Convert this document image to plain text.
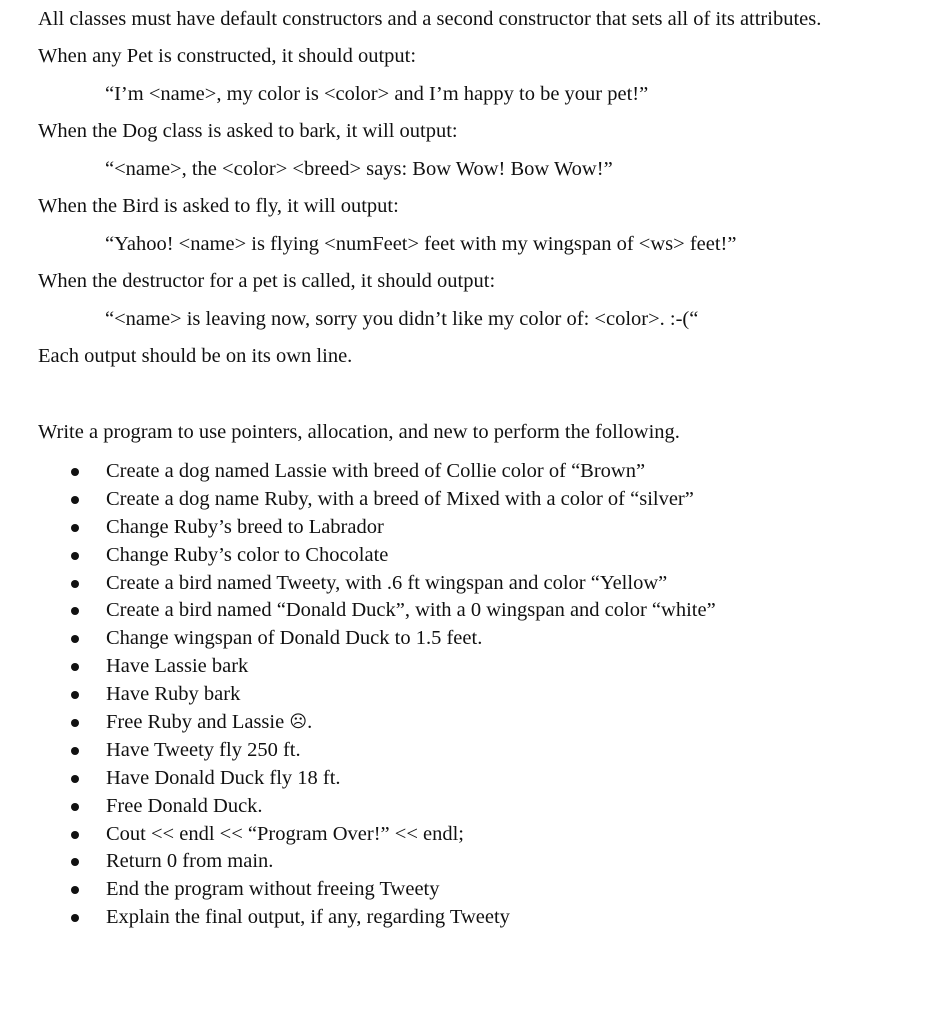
All classes must have default constructors and a second constructor that sets all of its attributes.
When any Pet is constructed, it should output:
“I’m <name>, my color is <color> and I’m happy to be your pet!”
When the Dog class is asked to bark, it will output:
“<name>, the <color> <breed> says: Bow Wow! Bow Wow!”
When the Bird is asked to fly, it will output:
“Yahoo! <name> is flying <numFeet> feet with my wingspan of <ws> feet!”
When the destructor for a pet is called, it should output:
“<name> is leaving now, sorry you didn’t like my color of: <color>. :-(“
Each output should be on its own line.
Write a program to use pointers, allocation, and new to perform the following.
Create a dog named Lassie with breed of Collie color of “Brown”
Create a dog name Ruby, with a breed of Mixed with a color of “silver”
Change Ruby’s breed to Labrador
Change Ruby’s color to Chocolate
Create a bird named Tweety, with .6 ft wingspan and color “Yellow”
Create a bird named “Donald Duck”, with a 0 wingspan and color “white”
Change wingspan of Donald Duck to 1.5 feet.
Have Lassie bark
Have Ruby bark
Free Ruby and Lassie ☹.
Have Tweety fly 250 ft.
Have Donald Duck fly 18 ft.
Free Donald Duck.
Cout << endl << “Program Over!” << endl;
Return 0 from main.
End the program without freeing Tweety
Explain the final output, if any, regarding Tweety
